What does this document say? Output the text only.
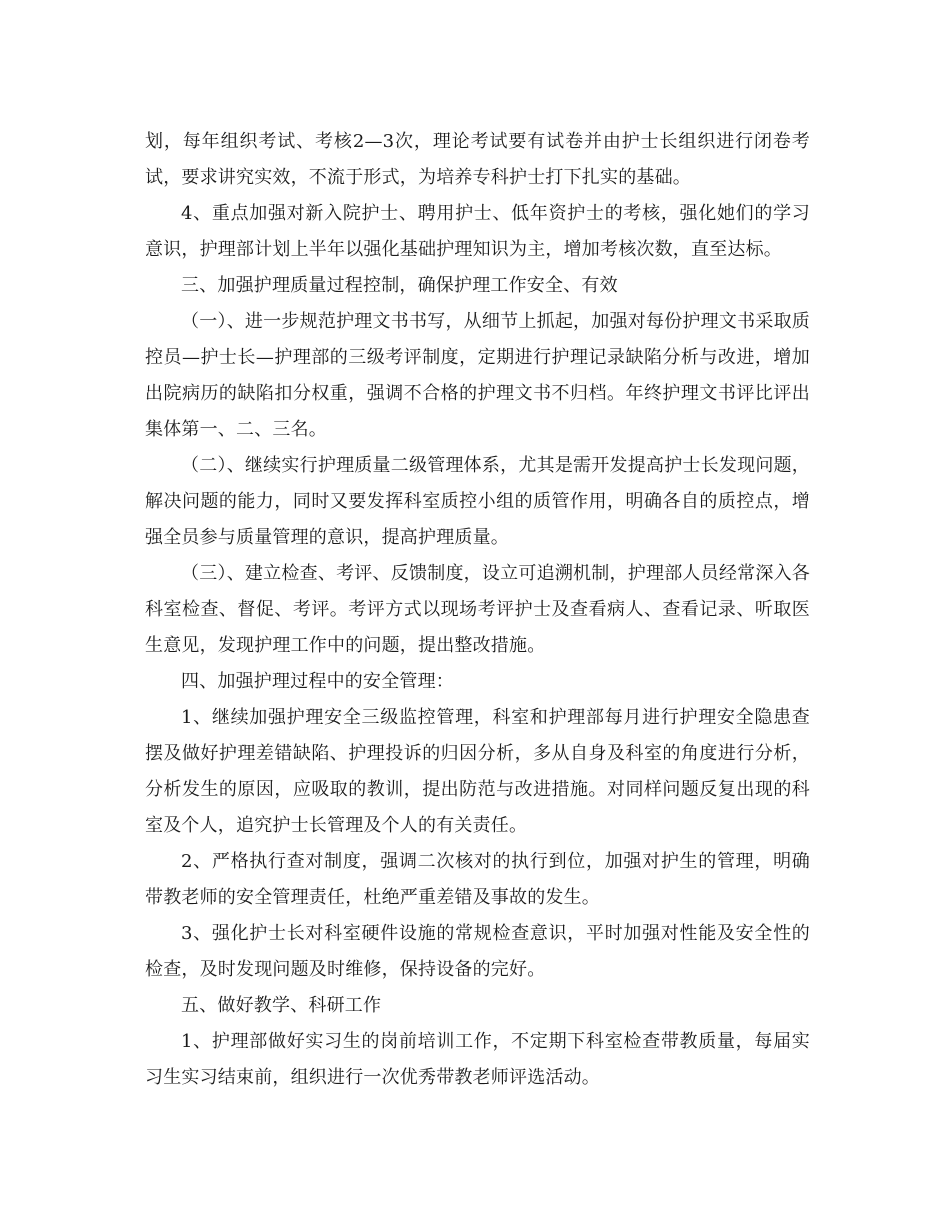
划，每年组织考试、考核2—3次，理论考试要有试卷并由护士长组织进行闭卷考试，要求讲究实效，不流于形式，为培养专科护士打下扎实的基础。

4、重点加强对新入院护士、聘用护士、低年资护士的考核，强化她们的学习意识，护理部计划上半年以强化基础护理知识为主，增加考核次数，直至达标。

三、加强护理质量过程控制，确保护理工作安全、有效

（一）、进一步规范护理文书书写，从细节上抓起，加强对每份护理文书采取质控员—护士长—护理部的三级考评制度，定期进行护理记录缺陷分析与改进，增加出院病历的缺陷扣分权重，强调不合格的护理文书不归档。年终护理文书评比评出集体第一、二、三名。

（二）、继续实行护理质量二级管理体系，尤其是需开发提高护士长发现问题，解决问题的能力，同时又要发挥科室质控小组的质管作用，明确各自的质控点，增强全员参与质量管理的意识，提高护理质量。

（三）、建立检查、考评、反馈制度，设立可追溯机制，护理部人员经常深入各科室检查、督促、考评。考评方式以现场考评护士及查看病人、查看记录、听取医生意见，发现护理工作中的问题，提出整改措施。

四、加强护理过程中的安全管理：

1、继续加强护理安全三级监控管理，科室和护理部每月进行护理安全隐患查摆及做好护理差错缺陷、护理投诉的归因分析，多从自身及科室的角度进行分析，分析发生的原因，应吸取的教训，提出防范与改进措施。对同样问题反复出现的科室及个人，追究护士长管理及个人的有关责任。

2、严格执行查对制度，强调二次核对的执行到位，加强对护生的管理，明确带教老师的安全管理责任，杜绝严重差错及事故的发生。

3、强化护士长对科室硬件设施的常规检查意识，平时加强对性能及安全性的检查，及时发现问题及时维修，保持设备的完好。

五、做好教学、科研工作

1、护理部做好实习生的岗前培训工作，不定期下科室检查带教质量，每届实习生实习结束前，组织进行一次优秀带教老师评选活动。
